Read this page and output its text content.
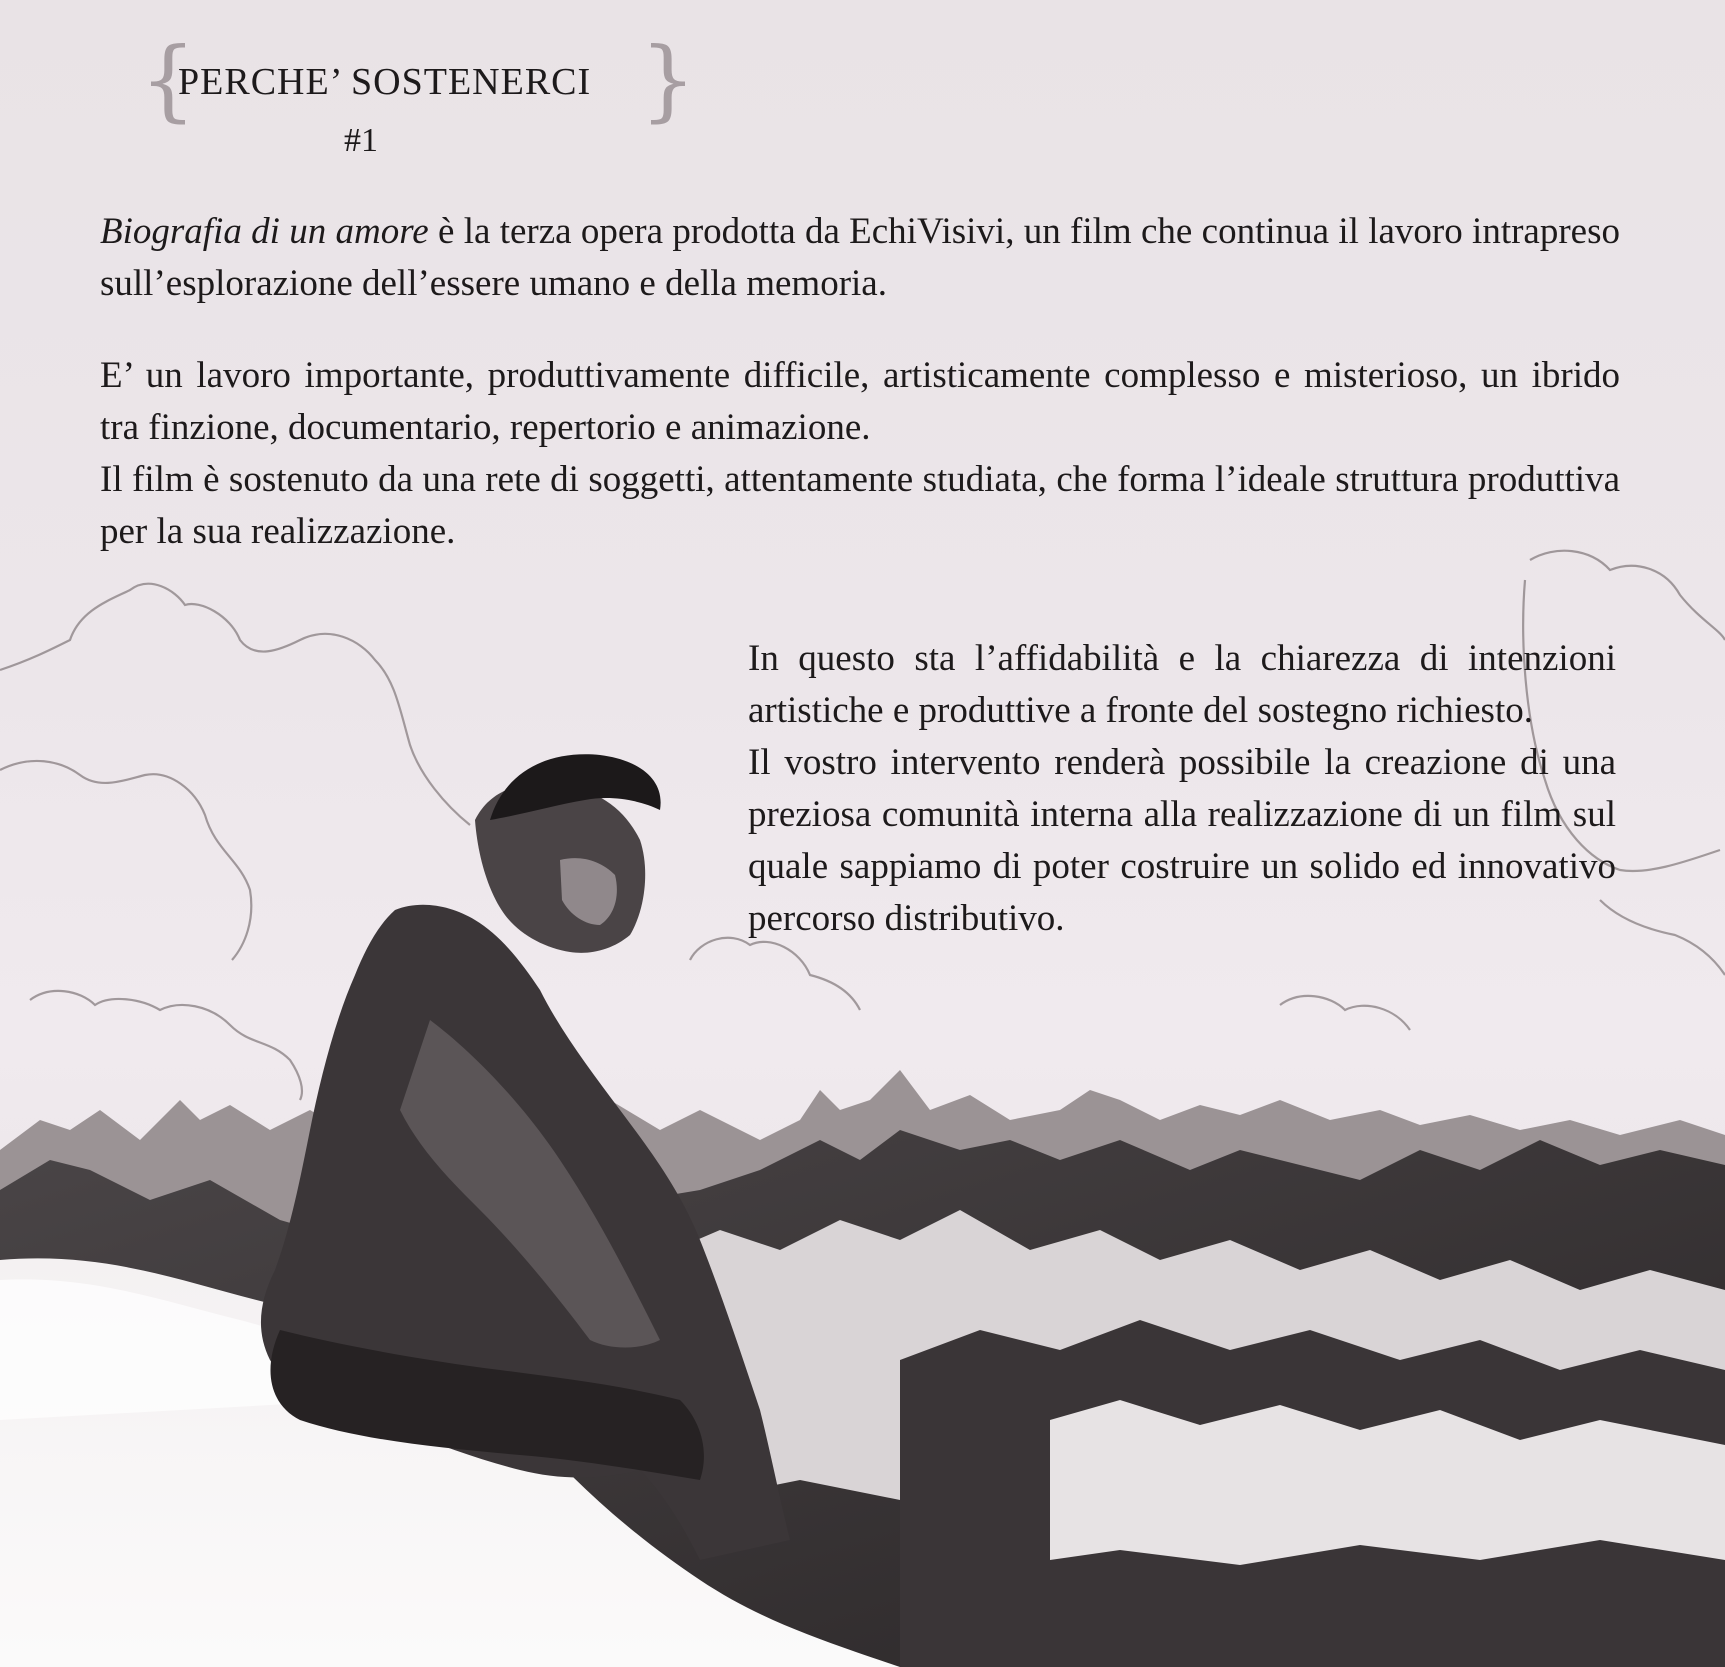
{	}
PERCHE’ SOSTENERCI
#1

Biografia di un amore è la terza opera prodotta da EchiVisivi, un film che continua il lavoro intrapreso sull’esplorazione dell’essere umano e della memoria.

E’ un lavoro importante, produttivamente difficile, artisticamente complesso e misterioso, un ibrido tra finzione, documentario, repertorio e animazione.

Il film è sostenuto da una rete di soggetti, attentamente studiata, che forma l’ideale struttura produttiva per la sua realizzazione.

In questo sta l’affidabilità e la chiarezza di intenzioni artistiche e produttive a fronte del sostegno richiesto.

Il vostro intervento renderà possibile la creazione di una preziosa comunità interna alla realizzazione di un film sul quale sappiamo di poter costruire un solido ed innovativo percorso distributivo.
